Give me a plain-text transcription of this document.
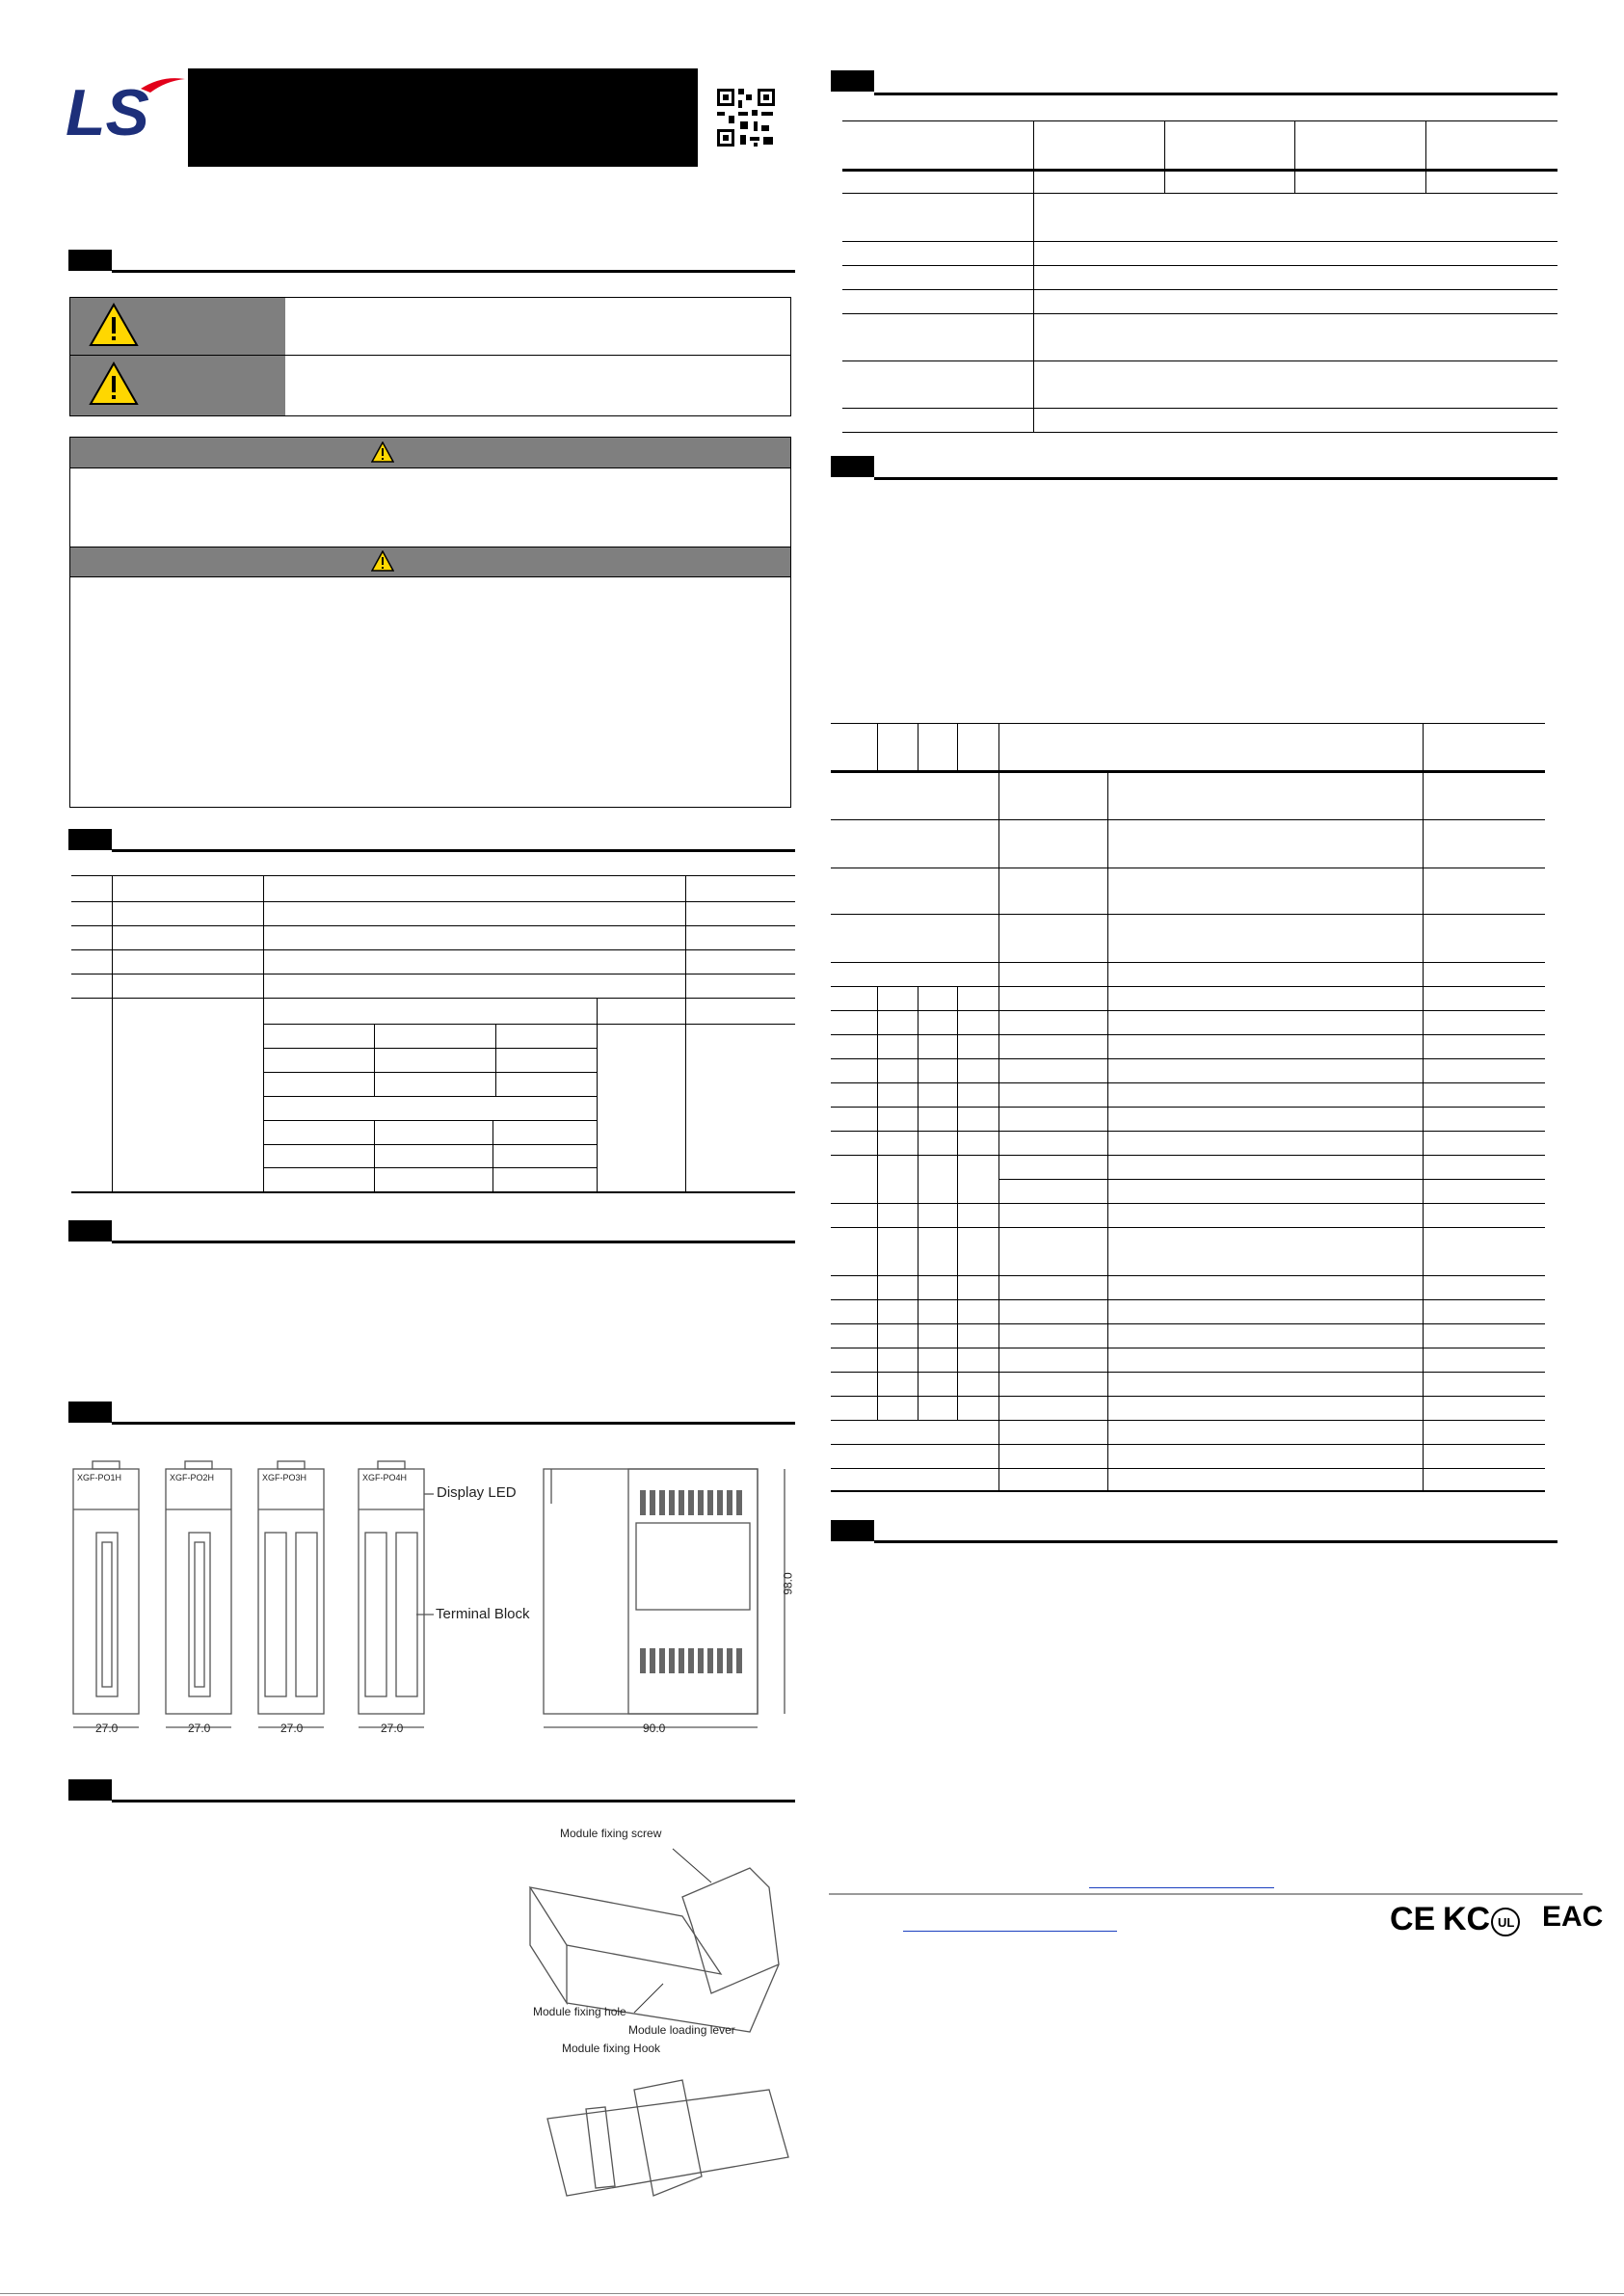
LS
XGF-PO1H	XGF-PO2H	XGF-PO3H	XGF-PO4H
Display LED
Terminal Block
27.0	27.0	27.0	27.0	90.0
98.0
Module fixing screw
Module fixing hole
Module loading lever
Module fixing Hook
CE KC UL EAC
